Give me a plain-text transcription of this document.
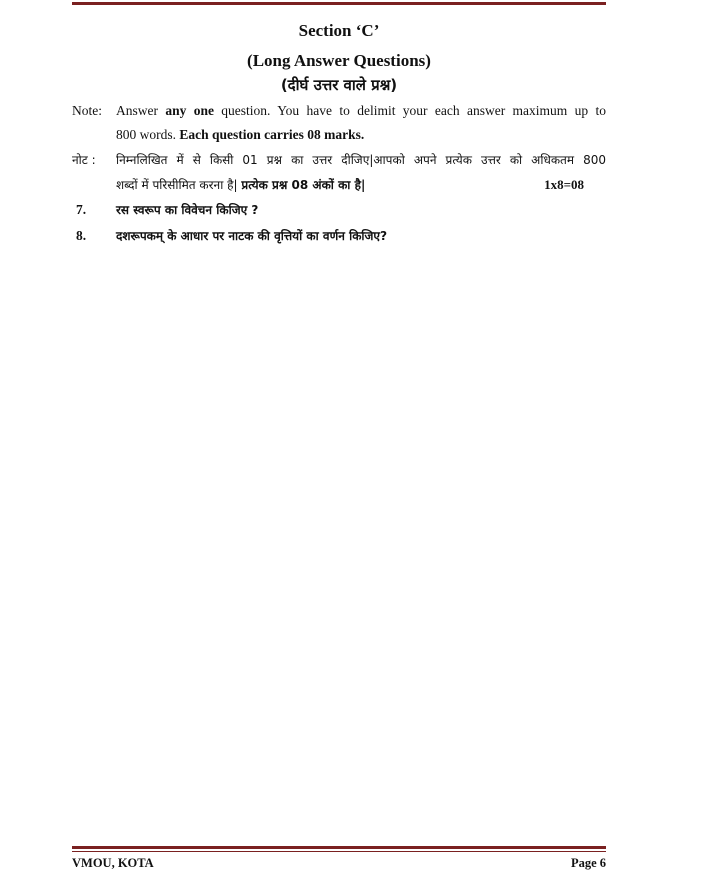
Section ‘C’
(Long Answer Questions)
(दीर्घ उत्तर वाले प्रश्न)
Note:	Answer any one question. You have to delimit your each answer maximum up to
800 words. Each question carries 08 marks.
नोट :	निम्नलिखित में से किसी 01 प्रश्न का उत्तर दीजिए|आपको अपने प्रत्येक उत्तर को अधिकतम 800
शब्दों में परिसीमित करना है| प्रत्येक प्रश्न 08 अंकों का है|	1x8=08
7. रस स्वरूप का विवेचन किजिए ?
8. दशरूपकम् के आधार पर नाटक की वृत्तियों का वर्णन किजिए?
VMOU, KOTA	Page 6
